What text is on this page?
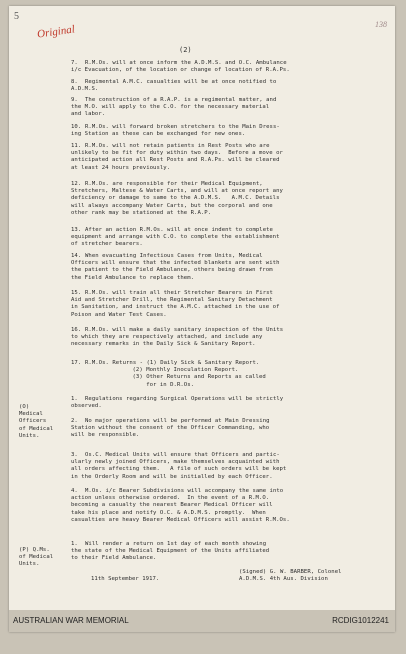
5
Original	138
(2)
7. R.M.Os. will at once inform the A.D.M.S. and O.C. Ambulance
i/c Evacuation, of the location or change of location of R.A.Ps.
8. Regimental A.M.C. casualties will be at once notified to
A.D.M.S.
9. The construction of a R.A.P. is a regimental matter, and
the M.O. will apply to the C.O. for the necessary material
and labor.
10. R.M.Os. will forward broken stretchers to the Main Dress-
ing Station as these can be exchanged for new ones.
11. R.M.Os. will not retain patients in Rest Posts who are
unlikely to be fit for duty within two days.  Before a move or
anticipated action all Rest Posts and R.A.Ps. will be cleared
at least 24 hours previously.
12. R.M.Os. are responsible for their Medical Equipment,
Stretchers, Maltese & Water Carts, and will at once report any
deficiency or damage to same to the A.D.M.S.   A.M.C. Details
will always accompany Water Carts, but the corporal and one
other rank may be stationed at the R.A.P.
13. After an action R.M.Os. will at once indent to complete
equipment and arrange with C.O. to complete the establishment
of stretcher bearers.
14. When evacuating Infectious Cases from Units, Medical
Officers will ensure that the infected blankets are sent with
the patient to the Field Ambulance, others being drawn from
the Field Ambulance to replace them.
15. R.M.Os. will train all their Stretcher Bearers in First
Aid and Stretcher Drill, the Regimental Sanitary Detachment
in Sanitation, and instruct the A.M.C. attached in the use of
Poison and Water Test Cases.
16. R.M.Os. will make a daily sanitary inspection of the Units
to which they are respectively attached, and include any
necessary remarks in the Daily Sick & Sanitary Report.
17. R.M.Os. Returns - (1) Daily Sick & Sanitary Report.
(2) Monthly Inoculation Report.
(3) Other Returns and Reports as called
for in D.R.Os.
(O)
Medical
Officers
of Medical
Units.
1. Regulations regarding Surgical Operations will be strictly
observed.
2. No major operations will be performed at Main Dressing
Station without the consent of the Officer Commanding, who
will be responsible.
3. Os.C. Medical Units will ensure that Officers and partic-
ularly newly joined Officers, make themselves acquainted with
all orders affecting them.   A file of such orders will be kept
in the Orderly Room and will be initialled by each Officer.
4. M.Os. i/c Bearer Subdivisions will accompany the same into
action unless otherwise ordered.  In the event of a R.M.O.
becoming a casualty the nearest Bearer Medical Officer will
take his place and notify O.C. & A.D.M.S. promptly.  When
casualties are heavy Bearer Medical Officers will assist R.M.Os.
(P) Q.Ms.
of Medical
Units.
1. Will render a return on 1st day of each month showing
the state of the Medical Equipment of the Units affiliated
to their Field Ambulance.
11th September 1917.
(Signed) G. W. BARBER, Colonel
A.D.M.S. 4th Aus. Division
AUSTRALIAN WAR MEMORIAL	RCDIG1012241
